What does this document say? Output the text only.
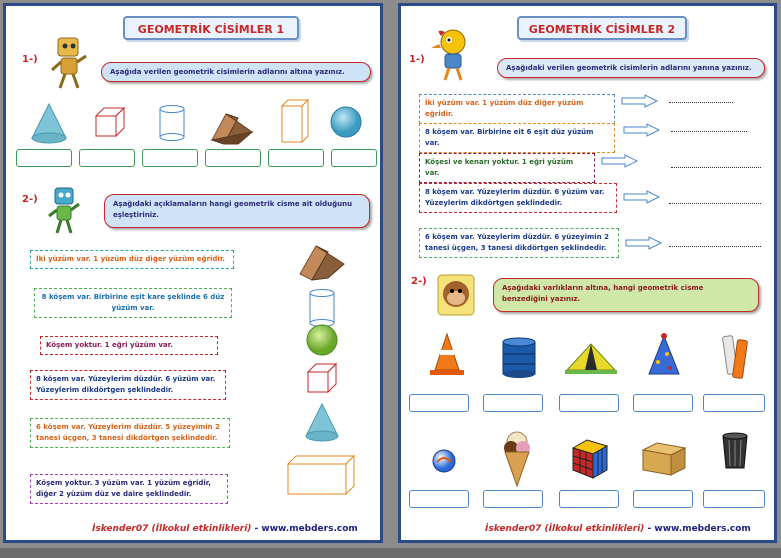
GEOMETRİK CİSİMLER 1
1-)
Aşağıda verilen geometrik cisimlerin adlarını altına yazınız.
2-)	Aşağıdaki açıklamaların hangi geometrik cisme ait olduğunu eşleştiriniz.
İki yüzüm var. 1 yüzüm düz diğer yüzüm eğridir.
8 köşem var. Birbirine eşit kare şeklinde 6 düz yüzüm var.
Köşem yoktur. 1 eğri yüzüm var.
8 köşem var. Yüzeylerim düzdür. 6 yüzüm var. Yüzeylerim dikdörtgen şeklindedir.
6 köşem var. Yüzeylerim düzdür. 5 yüzeyimin 2 tanesi üçgen, 3 tanesi dikdörtgen şeklindedir.
Köşem yoktur. 3 yüzüm var. 1 yüzüm eğridir, diğer 2 yüzüm düz ve daire şeklindedir.
İskender07 (İlkokul etkinlikleri) - www.mebders.com
GEOMETRİK CİSİMLER 2
1-)
Aşağıdaki verilen geometrik cisimlerin adlarını yanına yazınız.
İki yüzüm var. 1 yüzüm düz diğer yüzüm eğridir.
8 köşem var. Birbirine eit 6 eşit düz yüzüm var.
Köşesi ve kenarı yoktur. 1 eğri yüzüm var.
8 köşem var. Yüzeylerim düzdür. 6 yüzüm var. Yüzeylerim dikdörtgen şeklindedir.
6 köşem var. Yüzeylerim düzdür. 6 yüzeyimin 2 tanesi üçgen, 3 tanesi dikdörtgen şeklindedir.
2-)
Aşağıdaki varlıkların altına, hangi geometrik cisme benzediğini yazınız.
İskender07 (İlkokul etkinlikleri) - www.mebders.com
